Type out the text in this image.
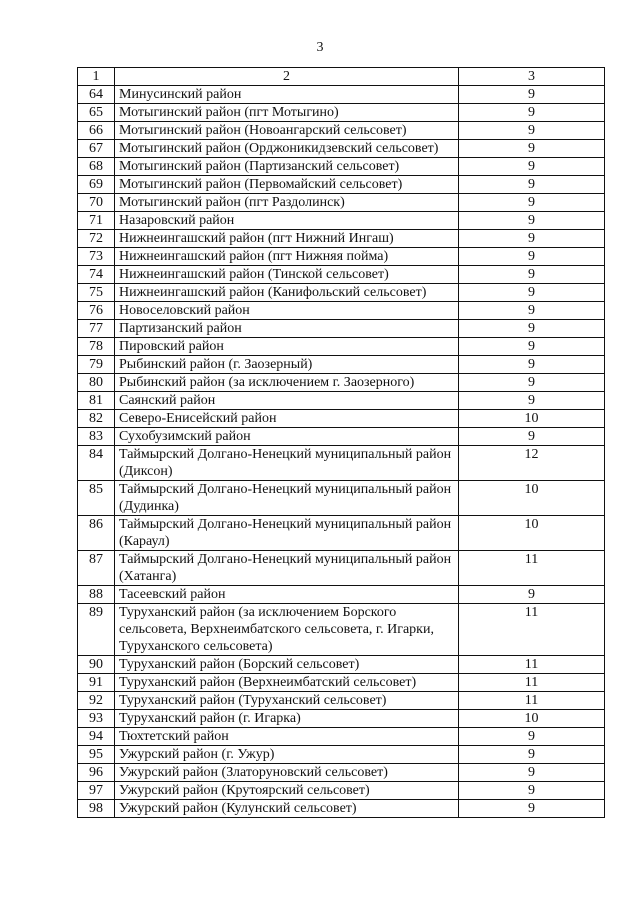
3
1	2	3
64	Минусинский район	9
65	Мотыгинский район (пгт Мотыгино)	9
66	Мотыгинский район (Новоангарский сельсовет)	9
67	Мотыгинский район (Орджоникидзевский сельсовет)	9
68	Мотыгинский район (Партизанский сельсовет)	9
69	Мотыгинский район (Первомайский сельсовет)	9
70	Мотыгинский район (пгт Раздолинск)	9
71	Назаровский район	9
72	Нижнеингашский район (пгт Нижний Ингаш)	9
73	Нижнеингашский район (пгт Нижняя пойма)	9
74	Нижнеингашский район (Тинской сельсовет)	9
75	Нижнеингашский район (Канифольский сельсовет)	9
76	Новоселовский район	9
77	Партизанский район	9
78	Пировский район	9
79	Рыбинский район (г. Заозерный)	9
80	Рыбинский район (за исключением г. Заозерного)	9
81	Саянский район	9
82	Северо-Енисейский район	10
83	Сухобузимский район	9
84	Таймырский Долгано-Ненецкий муниципальный район (Диксон)	12
85	Таймырский Долгано-Ненецкий муниципальный район (Дудинка)	10
86	Таймырский Долгано-Ненецкий муниципальный район (Караул)	10
87	Таймырский Долгано-Ненецкий муниципальный район (Хатанга)	11
88	Тасеевский район	9
89	Туруханский район (за исключением Борского сельсовета, Верхнеимбатского сельсовета, г. Игарки, Туруханского сельсовета)	11
90	Туруханский район (Борский сельсовет)	11
91	Туруханский район (Верхнеимбатский сельсовет)	11
92	Туруханский район (Туруханский сельсовет)	11
93	Туруханский район (г. Игарка)	10
94	Тюхтетский район	9
95	Ужурский район (г. Ужур)	9
96	Ужурский район (Златоруновский сельсовет)	9
97	Ужурский район (Крутоярский сельсовет)	9
98	Ужурский район (Кулунский сельсовет)	9
